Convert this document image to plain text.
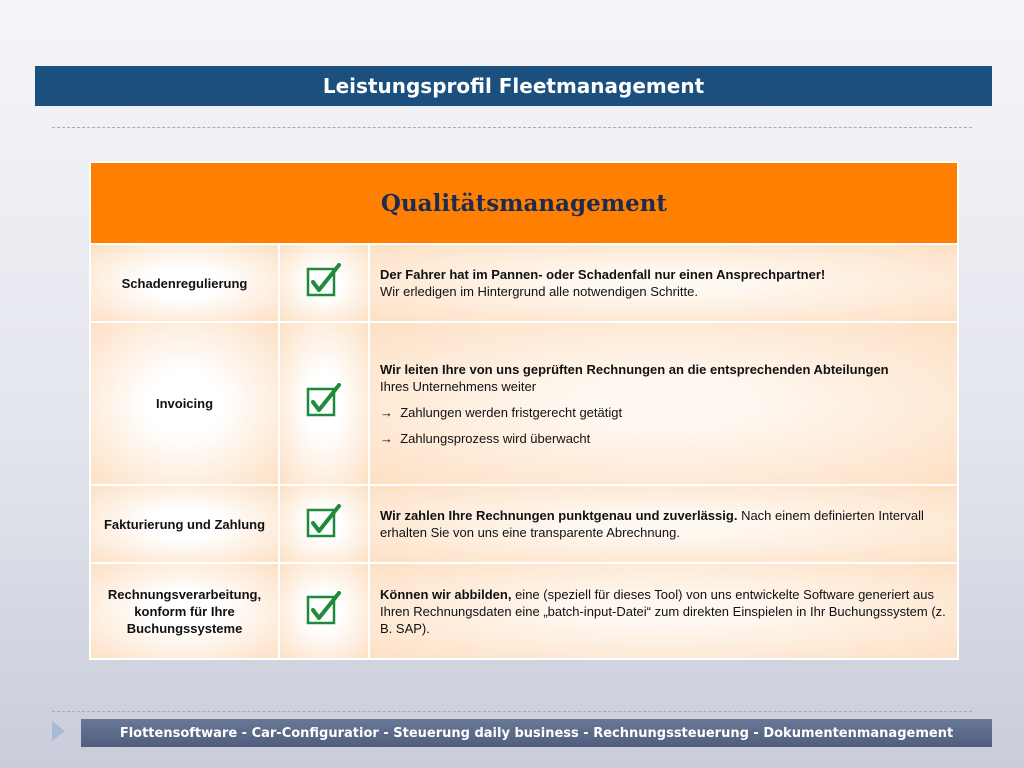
Leistungsprofil Fleetmanagement
Qualitätsmanagement		
Schadenregulierung		Der Fahrer hat im Pannen- oder Schadenfall nur einen Ansprechpartner!
Wir erledigen im Hintergrund alle notwendigen Schritte.
Invoicing		Wir leiten Ihre von uns geprüften Rechnungen an die entsprechenden Abteilungen
Ihres Unternehmens weiter
→ Zahlungen werden fristgerecht getätigt
→ Zahlungsprozess wird überwacht

Fakturierung und Zahlung		Wir zahlen Ihre Rechnungen punktgenau und zuverlässig. Nach einem definierten Intervall erhalten Sie von uns eine transparente Abrechnung.
Rechnungsverarbeitung, konform für Ihre Buchungssysteme		Können wir abbilden, eine (speziell für dieses Tool) von uns entwickelte Software generiert aus Ihren Rechnungsdaten eine „batch-input-Datei“ zum direkten Einspielen in Ihr Buchungssystem (z. B. SAP).
Flottensoftware - Car-Configuratior - Steuerung daily business - Rechnungssteuerung - Dokumentenmanagement
